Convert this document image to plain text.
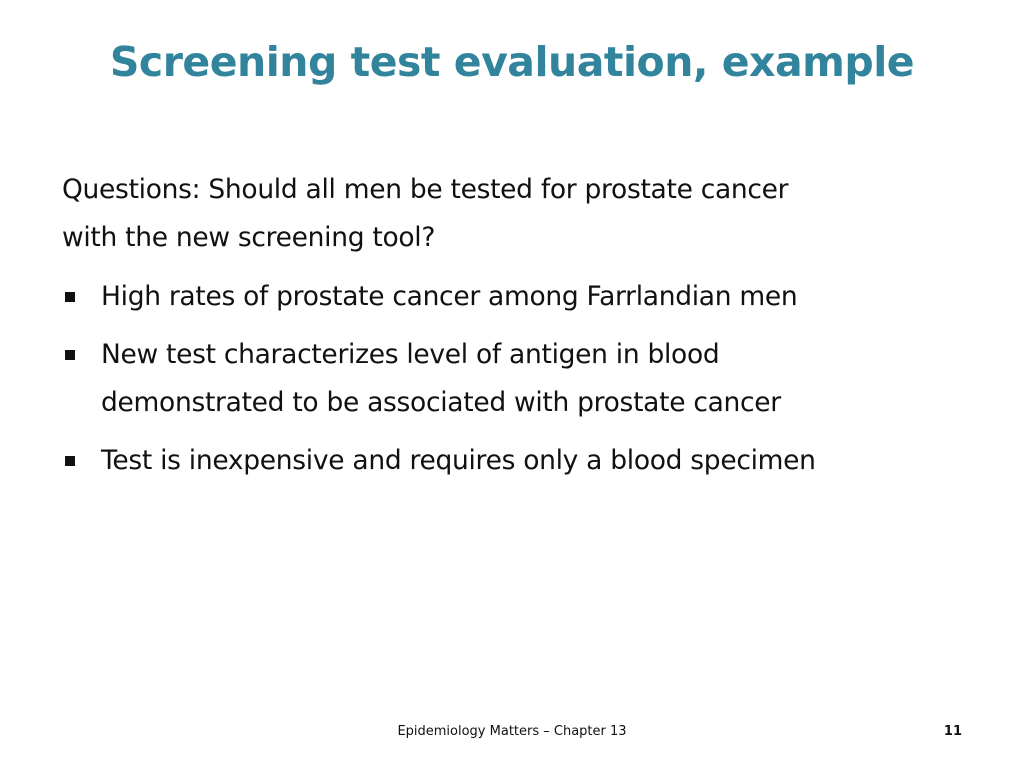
Screening test evaluation, example
Questions: Should all men be tested for prostate cancer
with the new screening tool?
High rates of prostate cancer among Farrlandian men
New test characterizes level of antigen in blood
demonstrated to be associated with prostate cancer
Test is inexpensive and requires only a blood specimen
Epidemiology Matters – Chapter 13	11
